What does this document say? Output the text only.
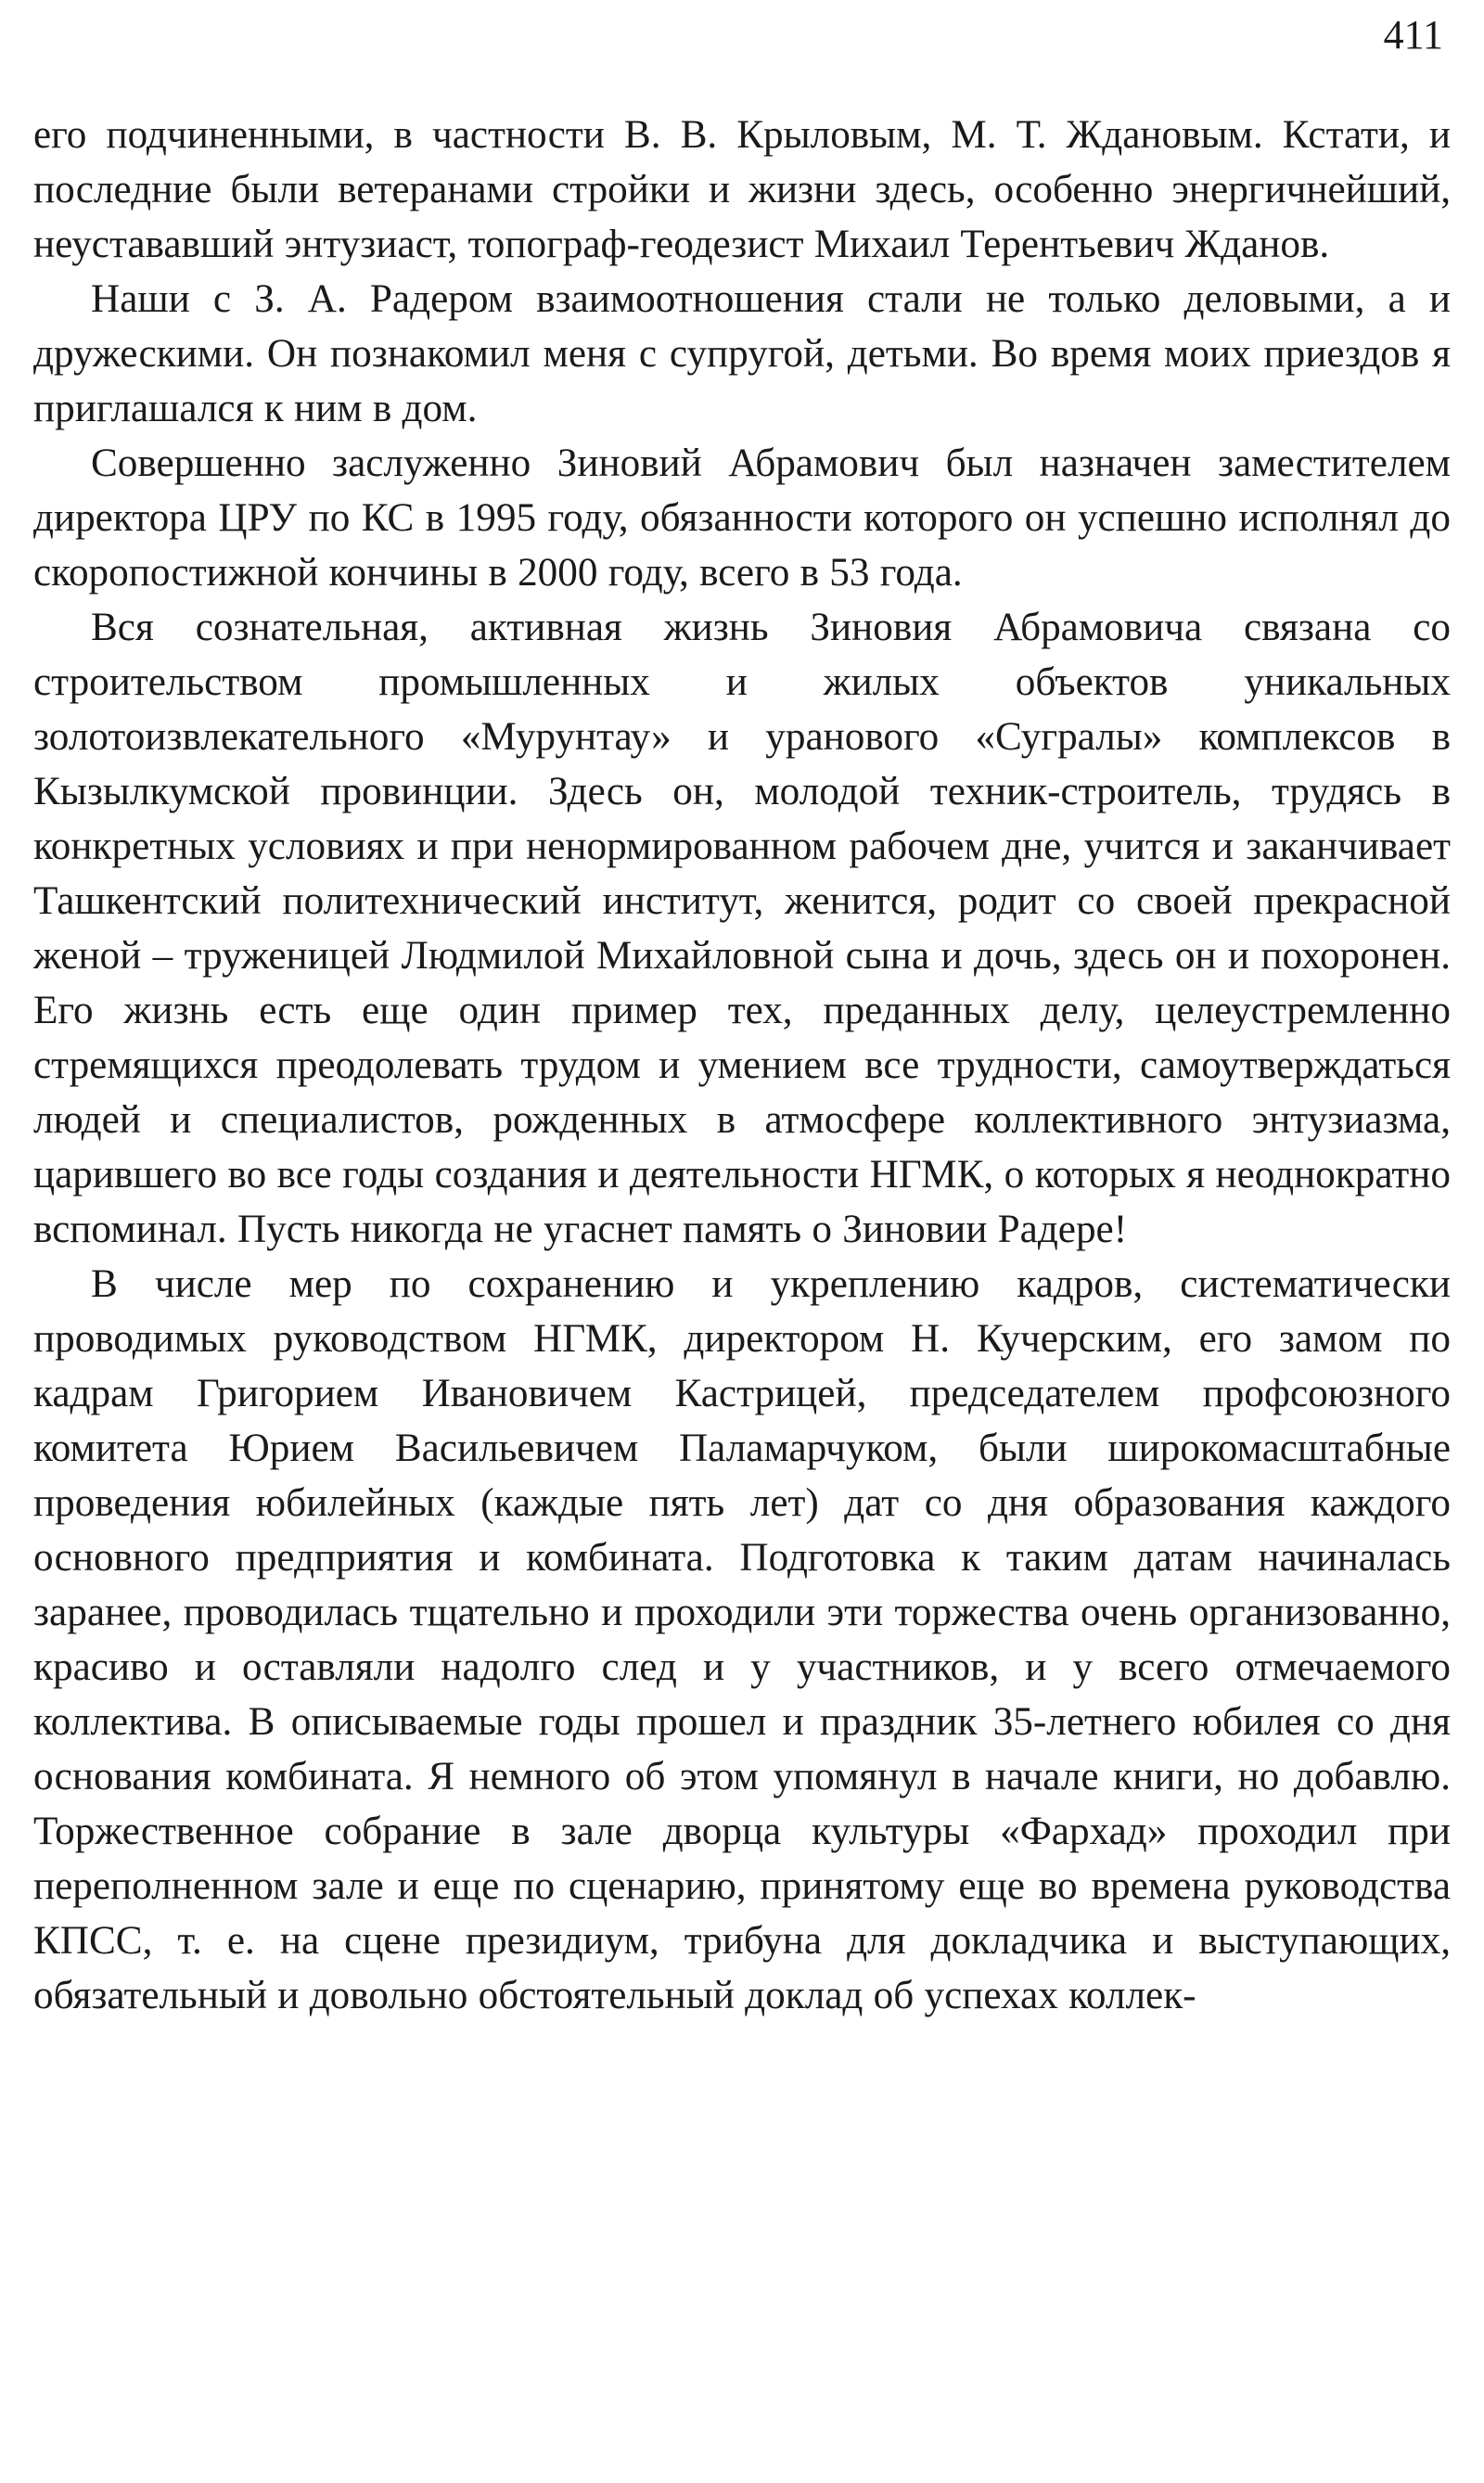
411

его подчиненными, в частности В. В. Крыловым, М. Т. Ждановым. Кстати, и последние были ветеранами стройки и жизни здесь, особенно энергичнейший, неустававший энтузиаст, топограф-геодезист Михаил Терентьевич Жданов.

Наши с З. А. Радером взаимоотношения стали не только деловыми, а и дружескими. Он познакомил меня с супругой, детьми. Во время моих приездов я приглашался к ним в дом.

Совершенно заслуженно Зиновий Абрамович был назначен заместителем директора ЦРУ по КС в 1995 году, обязанности которого он успешно исполнял до скоропостижной кончины в 2000 году, всего в 53 года.

Вся сознательная, активная жизнь Зиновия Абрамовича связана со строительством промышленных и жилых объектов уникальных золотоизвлекательного «Мурунтау» и уранового «Сугралы» комплексов в Кызылкумской провинции. Здесь он, молодой техник-строитель, трудясь в конкретных условиях и при ненормированном рабочем дне, учится и заканчивает Ташкентский политехнический институт, женится, родит со своей прекрасной женой – труженицей Людмилой Михайловной сына и дочь, здесь он и похоронен. Его жизнь есть еще один пример тех, преданных делу, целеустремленно стремящихся преодолевать трудом и умением все трудности, самоутверждаться людей и специалистов, рожденных в атмосфере коллективного энтузиазма, царившего во все годы создания и деятельности НГМК, о которых я неоднократно вспоминал. Пусть никогда не угаснет память о Зиновии Радере!

В числе мер по сохранению и укреплению кадров, систематически проводимых руководством НГМК, директором Н. Кучерским, его замом по кадрам Григорием Ивановичем Кастрицей, председателем профсоюзного комитета Юрием Васильевичем Паламарчуком, были широкомасштабные проведения юбилейных (каждые пять лет) дат со дня образования каждого основного предприятия и комбината. Подготовка к таким датам начиналась заранее, проводилась тщательно и проходили эти торжества очень организованно, красиво и оставляли надолго след и у участников, и у всего отмечаемого коллектива. В описываемые годы прошел и праздник 35-летнего юбилея со дня основания комбината. Я немного об этом упомянул в начале книги, но добавлю. Торжественное собрание в зале дворца культуры «Фархад» проходил при переполненном зале и еще по сценарию, принятому еще во времена руководства КПСС, т. е. на сцене президиум, трибуна для докладчика и выступающих, обязательный и довольно обстоятельный доклад об успехах коллек-
